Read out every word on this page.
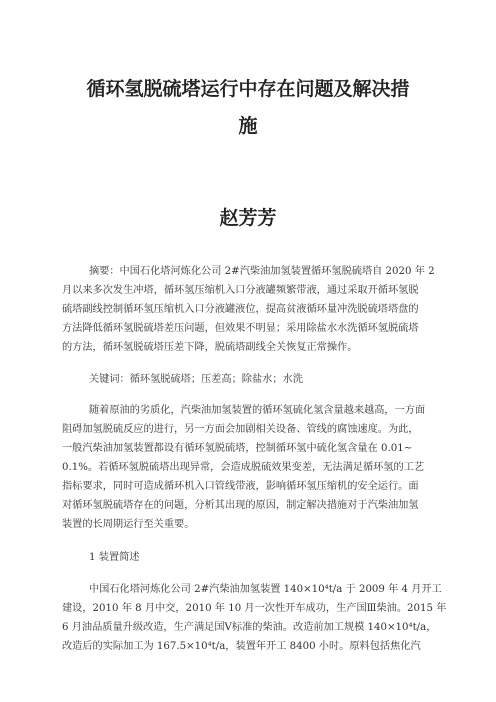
循环氢脱硫塔运行中存在问题及解决措
施
赵芳芳
摘要：中国石化塔河炼化公司 2#汽柴油加氢装置循环氢脱硫塔自 2020 年 2
月以来多次发生冲塔，循环氢压缩机入口分液罐频繁带液，通过采取开循环氢脱
硫塔副线控制循环氢压缩机入口分液罐液位，提高贫液循环量冲洗脱硫塔塔盘的
方法降低循环氢脱硫塔差压问题，但效果不明显；采用除盐水水洗循环氢脱硫塔
的方法，循环氢脱硫塔压差下降，脱硫塔副线全关恢复正常操作。
关键词：循环氢脱硫塔；压差高；除盐水；水洗
随着原油的劣质化，汽柴油加氢装置的循环氢硫化氢含量越来越高，一方面
阻碍加氢脱硫反应的进行，另一方面会加剧相关设备、管线的腐蚀速度。为此，
一般汽柴油加氢装置都设有循环氢脱硫塔，控制循环氢中硫化氢含量在 0.01~
0.1%。若循环氢脱硫塔出现异常，会造成脱硫效果变差，无法满足循环氢的工艺
指标要求，同时可造成循环机入口管线带液，影响循环氢压缩机的安全运行。面
对循环氢脱硫塔存在的问题，分析其出现的原因，制定解决措施对于汽柴油加氢
装置的长周期运行至关重要。
1 装置简述
中国石化塔河炼化公司 2#汽柴油加氢装置 140×10⁴t/a 于 2009 年 4 月开工
建设，2010 年 8 月中交，2010 年 10 月一次性开车成功，生产国Ⅲ柴油。2015 年
6 月油品质量升级改造，生产满足国Ⅴ标准的柴油。改造前加工规模 140×10⁴t/a，
改造后的实际加工为 167.5×10⁴t/a，装置年开工 8400 小时。原料包括焦化汽
